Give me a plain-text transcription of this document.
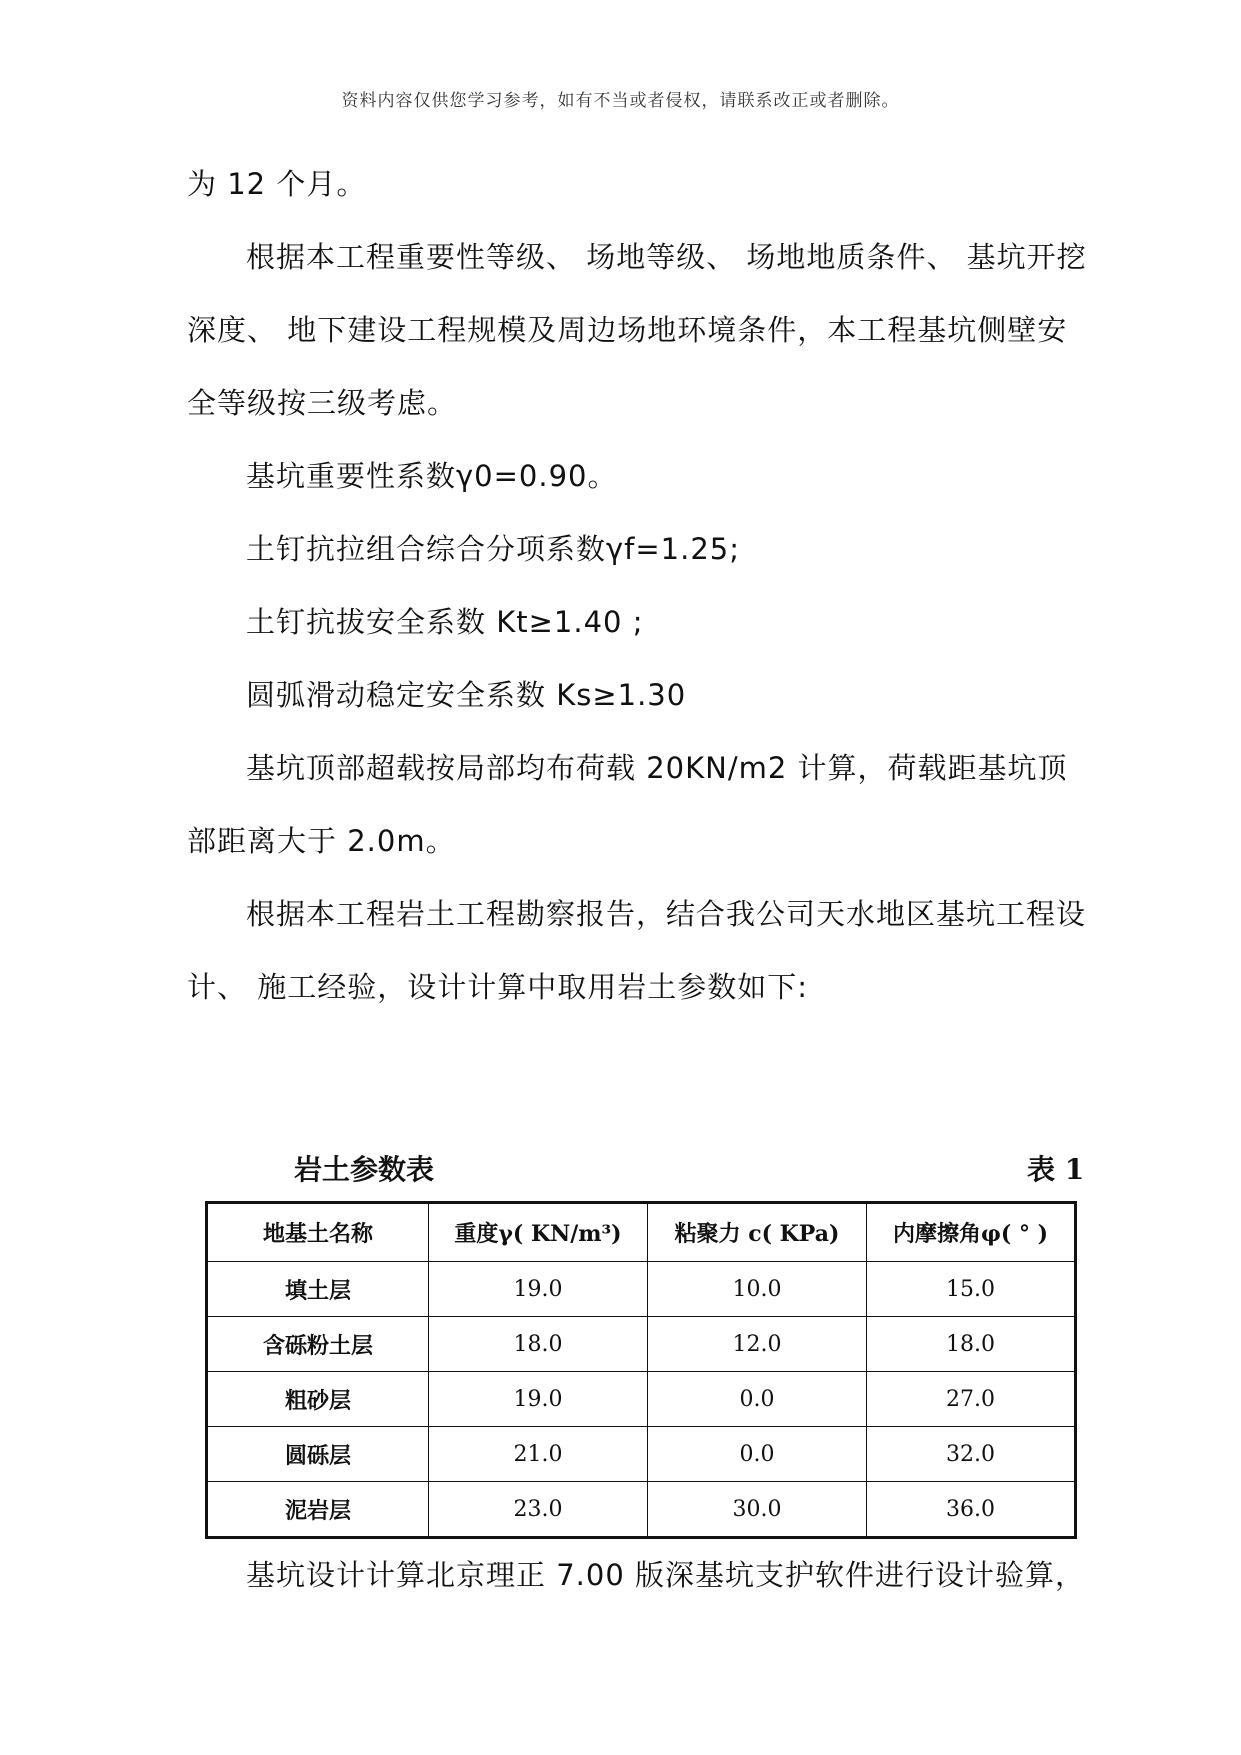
资料内容仅供您学习参考，如有不当或者侵权，请联系改正或者删除。

为 12 个月。

根据本工程重要性等级、 场地等级、 场地地质条件、 基坑开挖深度、 地下建设工程规模及周边场地环境条件，本工程基坑侧壁安全等级按三级考虑。

基坑重要性系数γ0=0.90。

土钉抗拉组合综合分项系数γf=1.25;

土钉抗拔安全系数 Kt≥1.40 ;

圆弧滑动稳定安全系数 Ks≥1.30

基坑顶部超载按局部均布荷载 20KN/m2 计算，荷载距基坑顶部距离大于 2.0m。

根据本工程岩土工程勘察报告，结合我公司天水地区基坑工程设计、 施工经验，设计计算中取用岩土参数如下:

岩土参数表	表 1
地基土名称	重度γ( KN/m³)	粘聚力 c( KPa)	内摩擦角φ( ° )
填土层	19.0	10.0	15.0
含砾粉土层	18.0	12.0	18.0
粗砂层	19.0	0.0	27.0
圆砾层	21.0	0.0	32.0
泥岩层	23.0	30.0	36.0

基坑设计计算北京理正 7.00 版深基坑支护软件进行设计验算，
